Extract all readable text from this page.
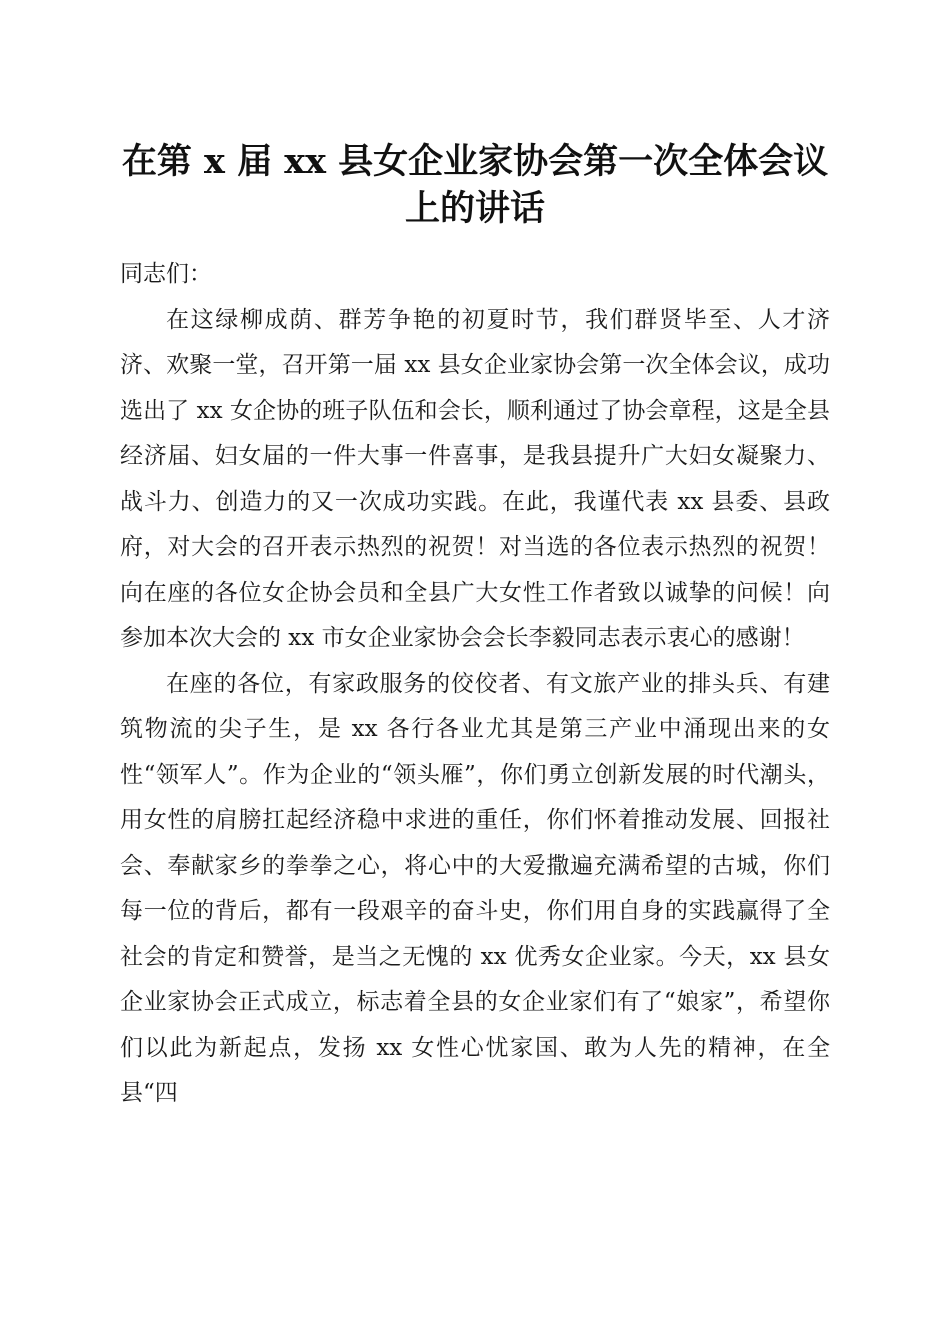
在第 x 届 xx 县女企业家协会第一次全体会议
上的讲话

同志们：

在这绿柳成荫、群芳争艳的初夏时节，我们群贤毕至、人才济济、欢聚一堂，召开第一届 xx 县女企业家协会第一次全体会议，成功选出了 xx 女企协的班子队伍和会长，顺利通过了协会章程，这是全县经济届、妇女届的一件大事一件喜事，是我县提升广大妇女凝聚力、战斗力、创造力的又一次成功实践。在此，我谨代表 xx 县委、县政府，对大会的召开表示热烈的祝贺！对当选的各位表示热烈的祝贺！向在座的各位女企协会员和全县广大女性工作者致以诚挚的问候！向参加本次大会的 xx 市女企业家协会会长李毅同志表示衷心的感谢！

在座的各位，有家政服务的佼佼者、有文旅产业的排头兵、有建筑物流的尖子生，是 xx 各行各业尤其是第三产业中涌现出来的女性“领军人”。作为企业的“领头雁”，你们勇立创新发展的时代潮头，用女性的肩膀扛起经济稳中求进的重任，你们怀着推动发展、回报社会、奉献家乡的拳拳之心，将心中的大爱撒遍充满希望的古城，你们每一位的背后，都有一段艰辛的奋斗史，你们用自身的实践赢得了全社会的肯定和赞誉，是当之无愧的 xx 优秀女企业家。今天，xx 县女企业家协会正式成立，标志着全县的女企业家们有了“娘家”，希望你们以此为新起点，发扬 xx 女性心忧家国、敢为人先的精神，在全县“四
